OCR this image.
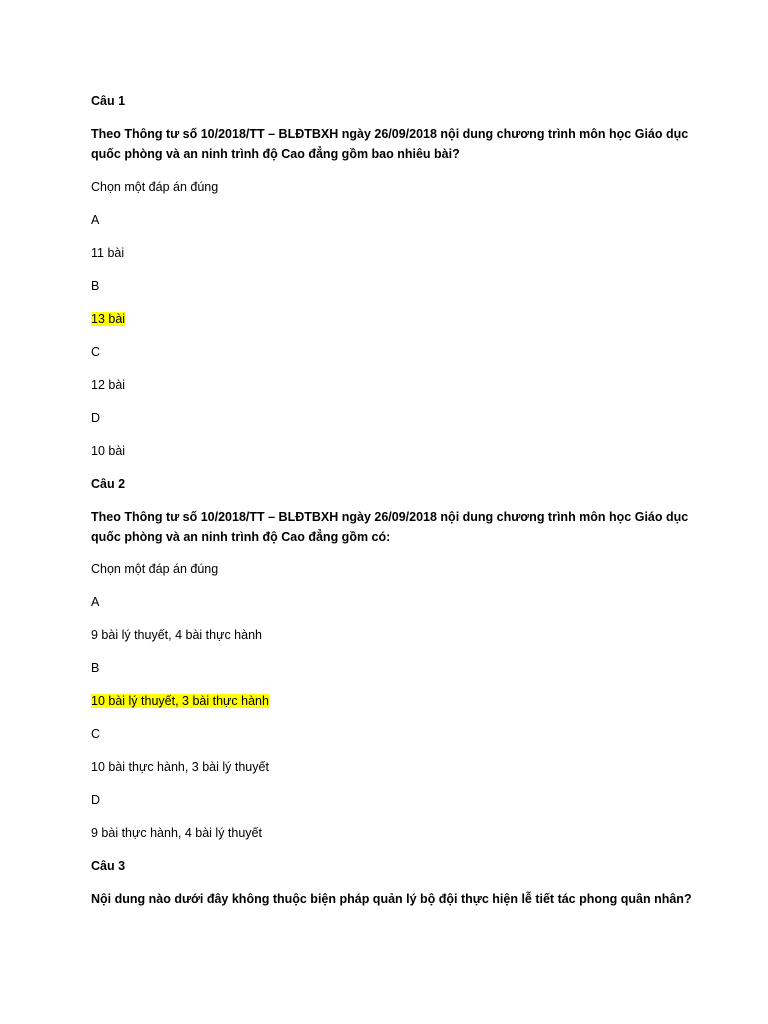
Câu 1
Theo Thông tư số 10/2018/TT – BLĐTBXH ngày 26/09/2018 nội dung chương trình môn học Giáo dục
quốc phòng và an ninh trình độ Cao đẳng gồm bao nhiêu bài?
Chọn một đáp án đúng
A
11 bài
B
13 bài
C
12 bài
D
10 bài
Câu 2
Theo Thông tư số 10/2018/TT – BLĐTBXH ngày 26/09/2018 nội dung chương trình môn học Giáo dục
quốc phòng và an ninh trình độ Cao đẳng gồm có:
Chọn một đáp án đúng
A
9 bài lý thuyết, 4 bài thực hành
B
10 bài lý thuyết, 3 bài thực hành
C
10 bài thực hành, 3 bài lý thuyết
D
9 bài thực hành, 4 bài lý thuyết
Câu 3
Nội dung nào dưới đây không thuộc biện pháp quản lý bộ đội thực hiện lễ tiết tác phong quân nhân?
